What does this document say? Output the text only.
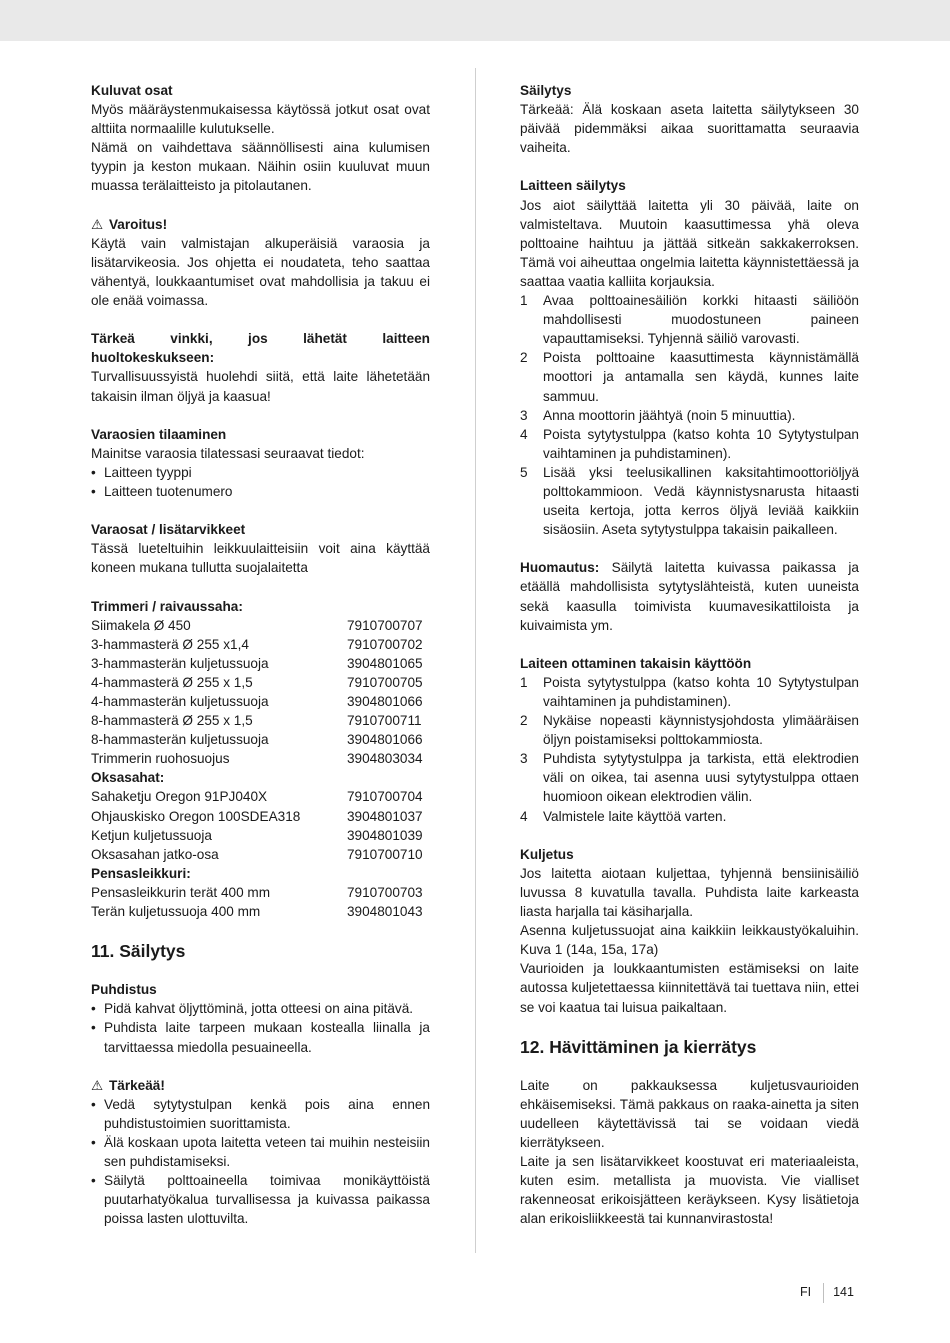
Kuluvat osat

Myös määräystenmukaisessa käytössä jotkut osat ovat alttiita normaalille kulutukselle.

Nämä on vaihdettava säännöllisesti aina kulumisen tyypin ja keston mukaan. Näihin osiin kuuluvat muun muassa terälaitteisto ja pitolautanen.

⚠ Varoitus!

Käytä vain valmistajan alkuperäisiä varaosia ja lisätarvikeosia. Jos ohjetta ei noudateta, teho saattaa vähentyä, loukkaantumiset ovat mahdollisia ja takuu ei ole enää voimassa.

Tärkeä vinkki, jos lähetät laitteen huoltokeskukseen:

Turvallisuussyistä huolehdi siitä, että laite lähetetään takaisin ilman öljyä ja kaasua!

Varaosien tilaaminen

Mainitse varaosia tilatessasi seuraavat tiedot:

• Laitteen tyyppi
• Laitteen tuotenumero
Varaosat / lisätarvikkeet

Tässä lueteltuihin leikkuulaitteisiin voit aina käyttää koneen mukana tullutta suojalaitetta

Trimmeri / raivaussaha:
Siimakela Ø 450	7910700707
3-hammasterä Ø 255 x1,4	7910700702
3-hammasterän kuljetussuoja	3904801065
4-hammasterä Ø 255 x 1,5	7910700705
4-hammasterän kuljetussuoja	3904801066
8-hammasterä Ø 255 x 1,5	7910700711
8-hammasterän kuljetussuoja	3904801066
Trimmerin ruohosuojus	3904803034
Oksasahat:
Sahaketju Oregon 91PJ040X	7910700704
Ohjauskisko Oregon 100SDEA318	3904801037
Ketjun kuljetussuoja	3904801039
Oksasahan jatko-osa	7910700710
Pensasleikkuri:
Pensasleikkurin terät 400 mm	7910700703
Terän kuljetussuoja 400 mm	3904801043
11. Säilytys
Puhdistus
• Pidä kahvat öljyttöminä, jotta otteesi on aina pitävä.
• Puhdista laite tarpeen mukaan kostealla liinalla ja tarvittaessa miedolla pesuaineella.
⚠ Tärkeää!
• Vedä sytytystulpan kenkä pois aina ennen puhdistustoimien suorittamista.
• Älä koskaan upota laitetta veteen tai muihin nesteisiin sen puhdistamiseksi.
• Säilytä polttoaineella toimivaa monikäyttöistä puutarhatyökalua turvallisessa ja kuivassa paikassa poissa lasten ulottuvilta.
Säilytys

Tärkeää: Älä koskaan aseta laitetta säilytykseen 30 päivää pidemmäksi aikaa suorittamatta seuraavia vaiheita.

Laitteen säilytys

Jos aiot säilyttää laitetta yli 30 päivää, laite on valmisteltava. Muutoin kaasuttimessa yhä oleva polttoaine haihtuu ja jättää sitkeän sakkakerroksen. Tämä voi aiheuttaa ongelmia laitetta käynnistettäessä ja saattaa vaatia kalliita korjauksia.

1 Avaa polttoainesäiliön korkki hitaasti säiliöön mahdollisesti muodostuneen paineen vapauttamiseksi. Tyhjennä säiliö varovasti.
2 Poista polttoaine kaasuttimesta käynnistämällä moottori ja antamalla sen käydä, kunnes laite sammuu.
3 Anna moottorin jäähtyä (noin 5 minuuttia).
4 Poista sytytystulppa (katso kohta 10 Sytytystulpan vaihtaminen ja puhdistaminen).
5 Lisää yksi teelusikallinen kaksitahtimoottoriöljyä polttokammioon. Vedä käynnistysnarusta hitaasti useita kertoja, jotta kerros öljyä leviää kaikkiin sisäosiin. Aseta sytytystulppa takaisin paikalleen.
Huomautus: Säilytä laitetta kuivassa paikassa ja etäällä mahdollisista sytytyslähteistä, kuten uuneista sekä kaasulla toimivista kuumavesikattiloista ja kuivaimista ym.
Laiteen ottaminen takaisin käyttöön
1 Poista sytytystulppa (katso kohta 10 Sytytystulpan vaihtaminen ja puhdistaminen).
2 Nykäise nopeasti käynnistysjohdosta ylimääräisen öljyn poistamiseksi polttokammiosta.
3 Puhdista sytytystulppa ja tarkista, että elektrodien väli on oikea, tai asenna uusi sytytystulppa ottaen huomioon oikean elektrodien välin.
4 Valmistele laite käyttöä varten.
Kuljetus

Jos laitetta aiotaan kuljettaa, tyhjennä bensiinisäiliö luvussa 8 kuvatulla tavalla. Puhdista laite karkeasta liasta harjalla tai käsiharjalla.

Asenna kuljetussuojat aina kaikkiin leikkaustyökaluihin. Kuva 1 (14a, 15a, 17a)

Vaurioiden ja loukkaantumisten estämiseksi on laite autossa kuljetettaessa kiinnitettävä tai tuettava niin, ettei se voi kaatua tai luisua paikaltaan.

12. Hävittäminen ja kierrätys

Laite on pakkauksessa kuljetusvaurioiden ehkäisemiseksi. Tämä pakkaus on raaka-ainetta ja siten uudelleen käytettävissä tai se voidaan viedä kierrätykseen.

Laite ja sen lisätarvikkeet koostuvat eri materiaaleista, kuten esim. metallista ja muovista. Vie vialliset rakenneosat erikoisjätteen keräykseen. Kysy lisätietoja alan erikoisliikkeestä tai kunnanvirastosta!

FI 141
